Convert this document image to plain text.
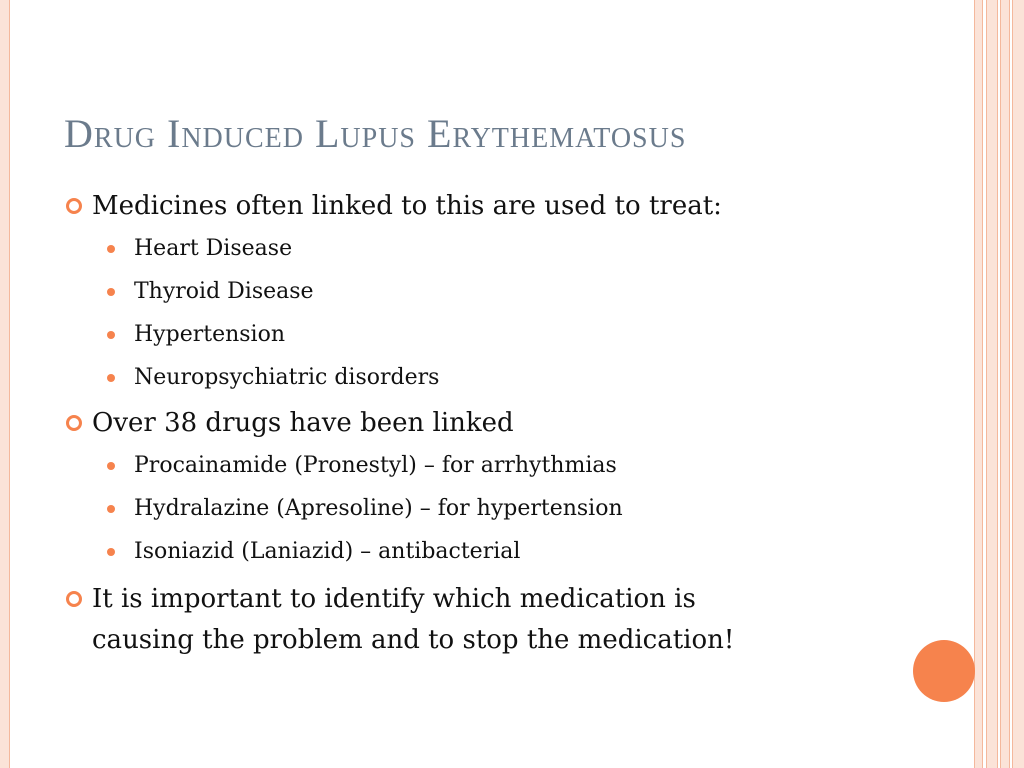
Drug Induced Lupus Erythematosus
Medicines often linked to this are used to treat:
Heart Disease
Thyroid Disease
Hypertension
Neuropsychiatric disorders
Over 38 drugs have been linked
Procainamide (Pronestyl) – for arrhythmias
Hydralazine (Apresoline) – for hypertension
Isoniazid (Laniazid) – antibacterial
It is important to identify which medication is
causing the problem and to stop the medication!
